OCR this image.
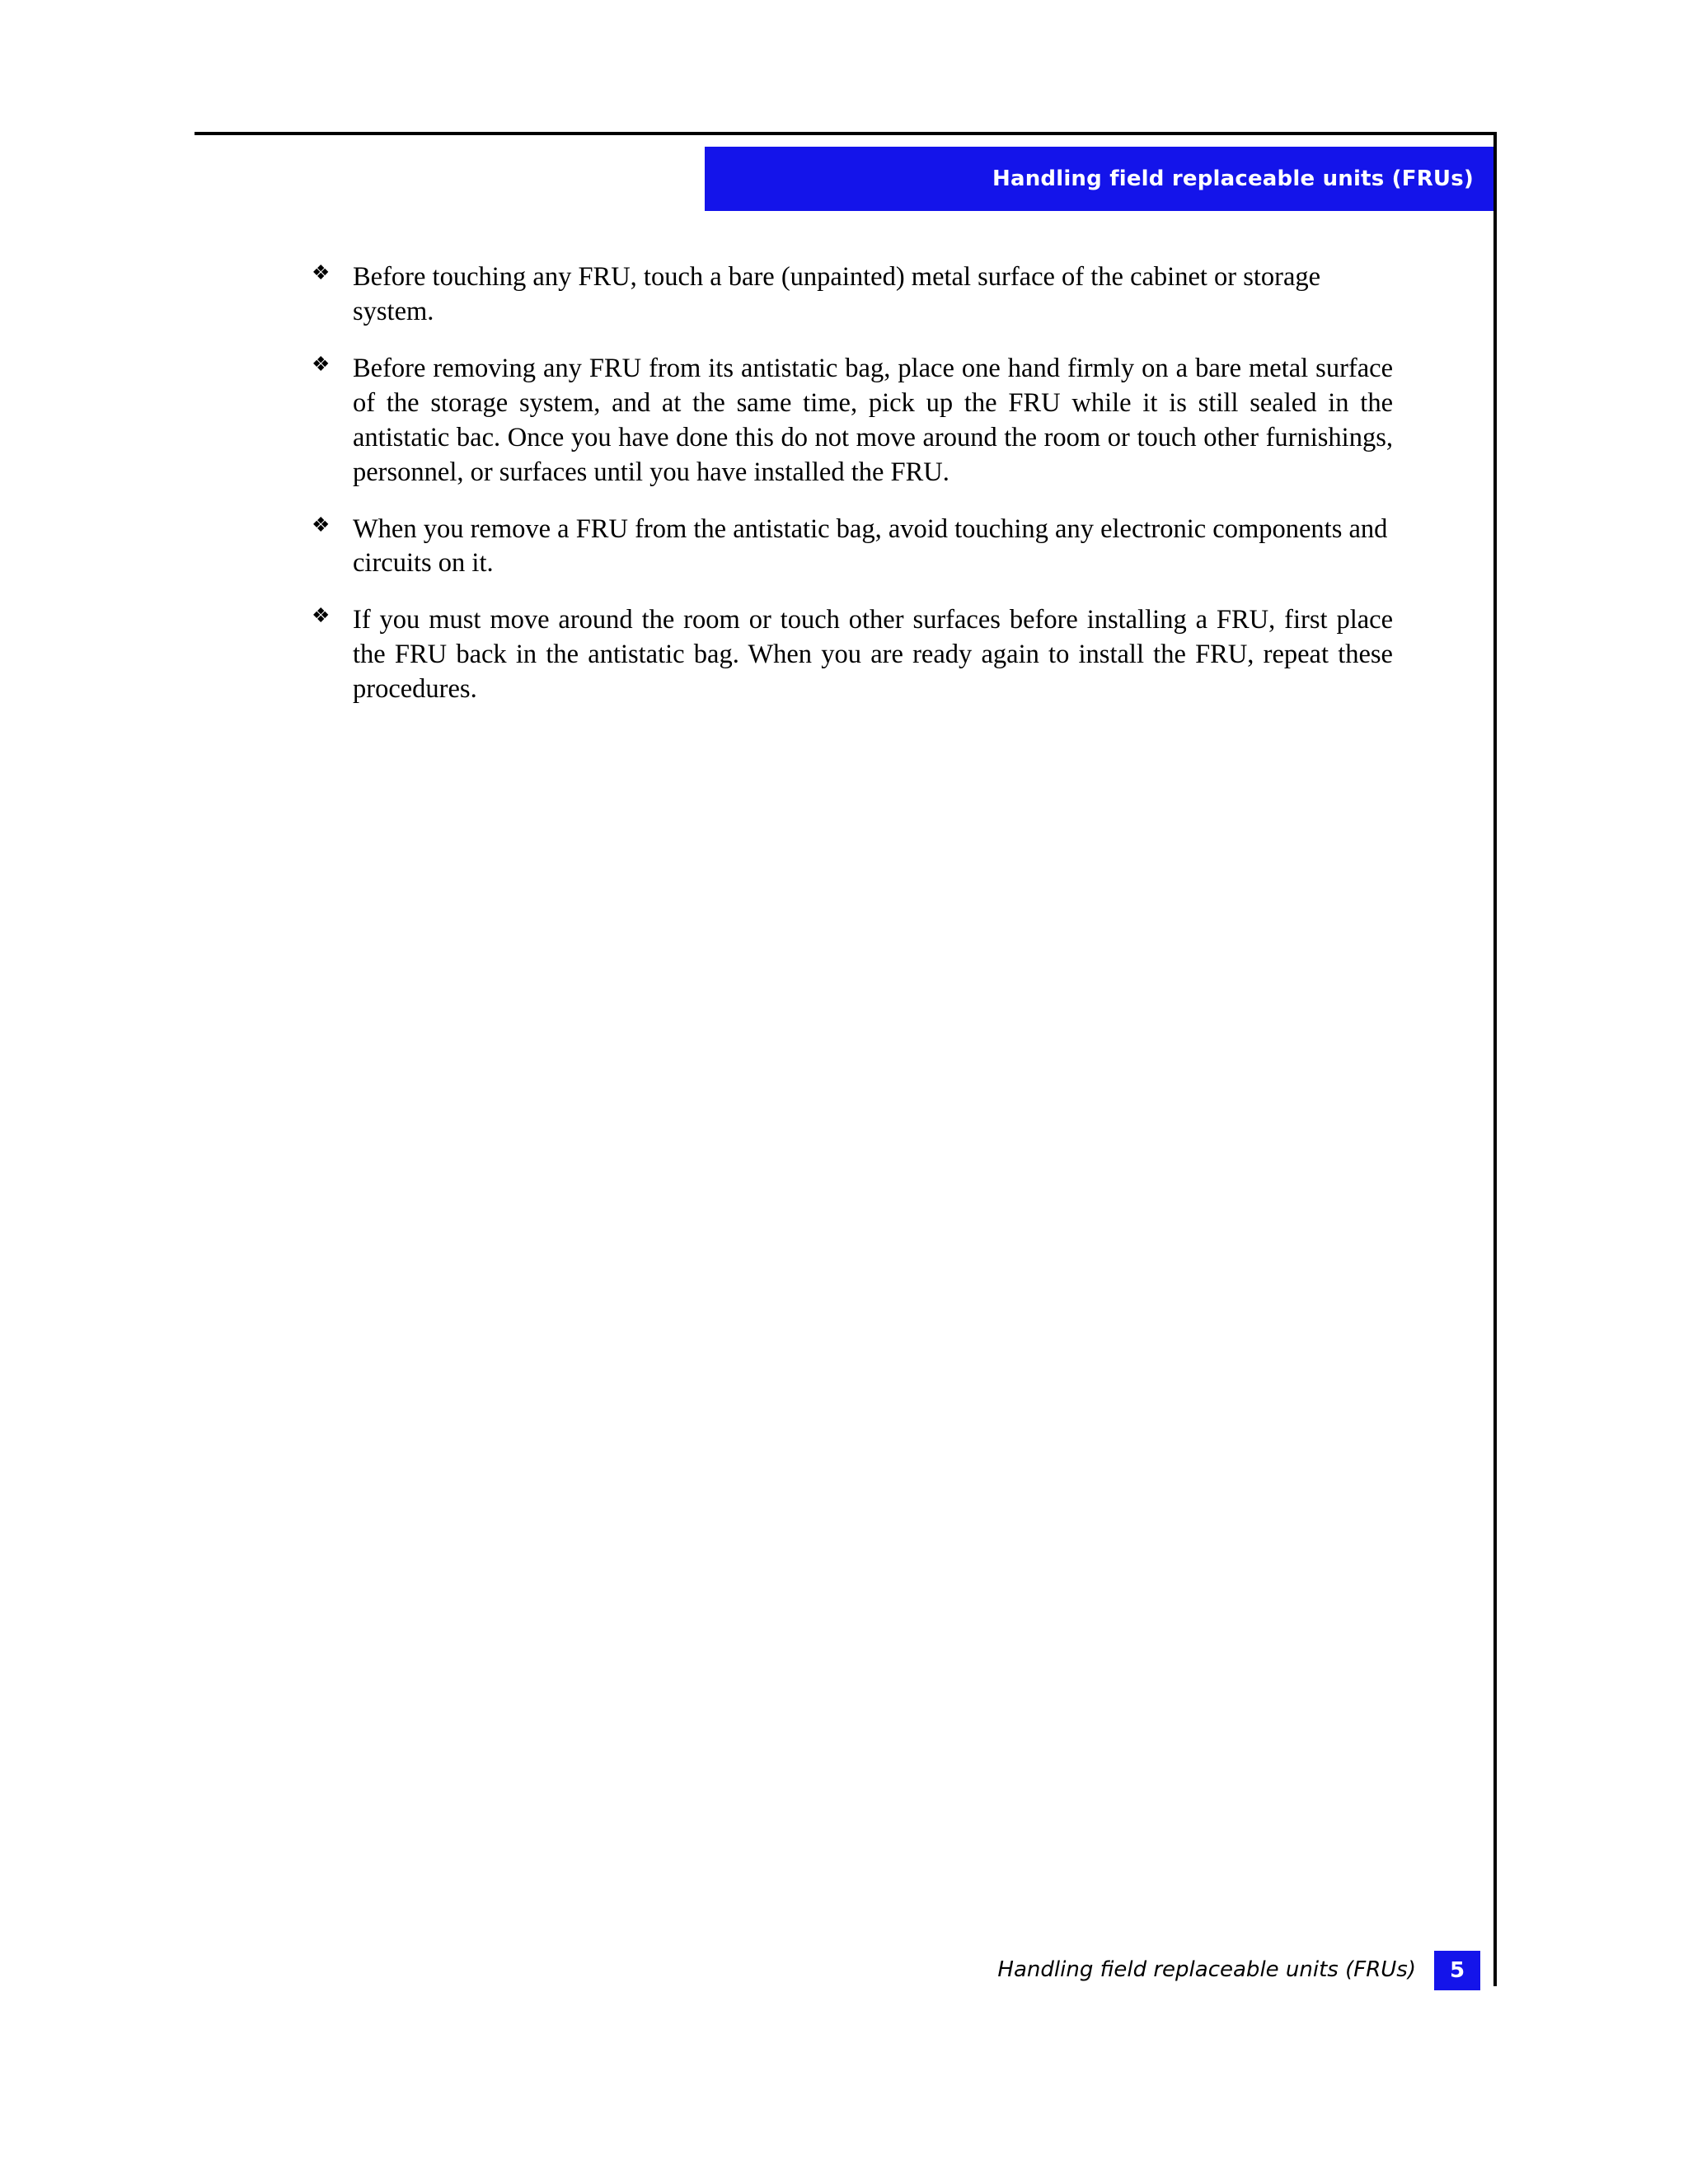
Handling field replaceable units (FRUs)
❖ Before touching any FRU, touch a bare (unpainted) metal surface of the cabinet or storage system.
❖ Before removing any FRU from its antistatic bag, place one hand firmly on a bare metal surface of the storage system, and at the same time, pick up the FRU while it is still sealed in the antistatic bac. Once you have done this do not move around the room or touch other furnishings, personnel, or surfaces until you have installed the FRU.
❖ When you remove a FRU from the antistatic bag, avoid touching any electronic components and circuits on it.
❖ If you must move around the room or touch other surfaces before installing a FRU, first place the FRU back in the antistatic bag. When you are ready again to install the FRU, repeat these procedures.
Handling field replaceable units (FRUs)	5
